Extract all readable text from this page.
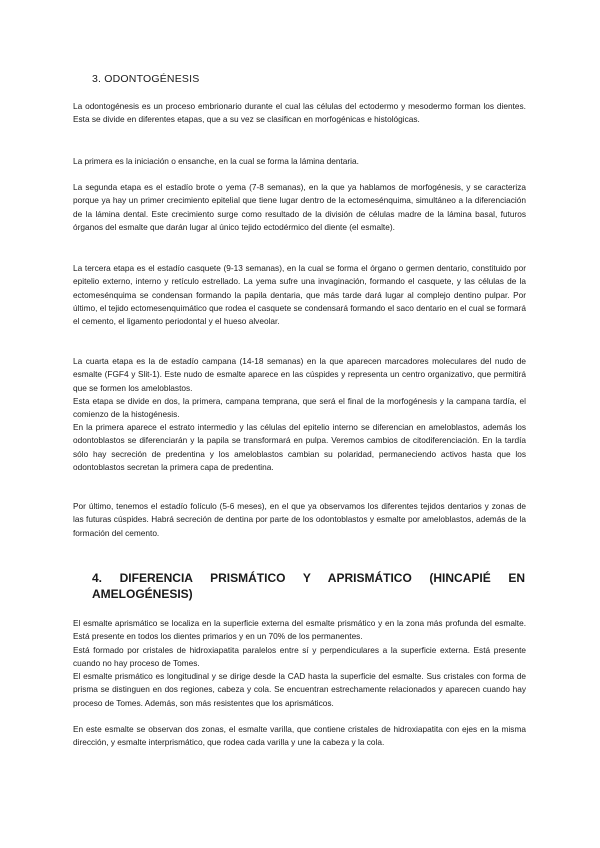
3. ODONTOGÉNESIS
La odontogénesis es un proceso embrionario durante el cual las células del ectodermo y mesodermo forman los dientes. Esta se divide en diferentes etapas, que a su vez se clasifican en morfogénicas e histológicas.
La primera es la iniciación o ensanche, en la cual se forma la lámina dentaria.
La segunda etapa es el estadío brote o yema (7-8 semanas), en la que ya hablamos de morfogénesis, y se caracteriza porque ya hay un primer crecimiento epitelial que tiene lugar dentro de la ectomesénquima, simultáneo a la diferenciación de la lámina dental. Este crecimiento surge como resultado de la división de células madre de la lámina basal, futuros órganos del esmalte que darán lugar al único tejido ectodérmico del diente (el esmalte).
La tercera etapa es el estadío casquete (9-13 semanas), en la cual se forma el órgano o germen dentario, constituido por epitelio externo, interno y retículo estrellado. La yema sufre una invaginación, formando el casquete, y las células de la ectomesénquima se condensan formando la papila dentaria, que más tarde dará lugar al complejo dentino pulpar. Por último, el tejido ectomesenquimático que rodea el casquete se condensará formando el saco dentario en el cual se formará el cemento, el ligamento periodontal y el hueso alveolar.
La cuarta etapa es la de estadío campana (14-18 semanas) en la que aparecen marcadores moleculares del nudo de esmalte (FGF4 y Slit-1). Este nudo de esmalte aparece en las cúspides y representa un centro organizativo, que permitirá que se formen los ameloblastos.
Esta etapa se divide en dos, la primera, campana temprana, que será el final de la morfogénesis y la campana tardía, el comienzo de la histogénesis.
En la primera aparece el estrato intermedio y las células del epitelio interno se diferencian en ameloblastos, además los odontoblastos se diferenciarán y la papila se transformará en pulpa. Veremos cambios de citodiferenciación. En la tardía sólo hay secreción de predentina y los ameloblastos cambian su polaridad, permaneciendo activos hasta que los odontoblastos secretan la primera capa de predentina.
Por último, tenemos el estadío folículo (5-6 meses), en el que ya observamos los diferentes tejidos dentarios y zonas de las futuras cúspides. Habrá secreción de dentina por parte de los odontoblastos y esmalte por ameloblastos, además de la formación del cemento.
4. DIFERENCIA PRISMÁTICO Y APRISMÁTICO (HINCAPIÉ EN AMELOGÉNESIS)
El esmalte aprismático se localiza en la superficie externa del esmalte prismático y en la zona más profunda del esmalte. Está presente en todos los dientes primarios y en un 70% de los permanentes.
Está formado por cristales de hidroxiapatita paralelos entre sí y perpendiculares a la superficie externa. Está presente cuando no hay proceso de Tomes.
El esmalte prismático es longitudinal y se dirige desde la CAD hasta la superficie del esmalte. Sus cristales con forma de prisma se distinguen en dos regiones, cabeza y cola. Se encuentran estrechamente relacionados y aparecen cuando hay proceso de Tomes. Además, son más resistentes que los aprismáticos.
En este esmalte se observan dos zonas, el esmalte varilla, que contiene cristales de hidroxiapatita con ejes en la misma dirección, y esmalte interprismático, que rodea cada varilla y une la cabeza y la cola.
